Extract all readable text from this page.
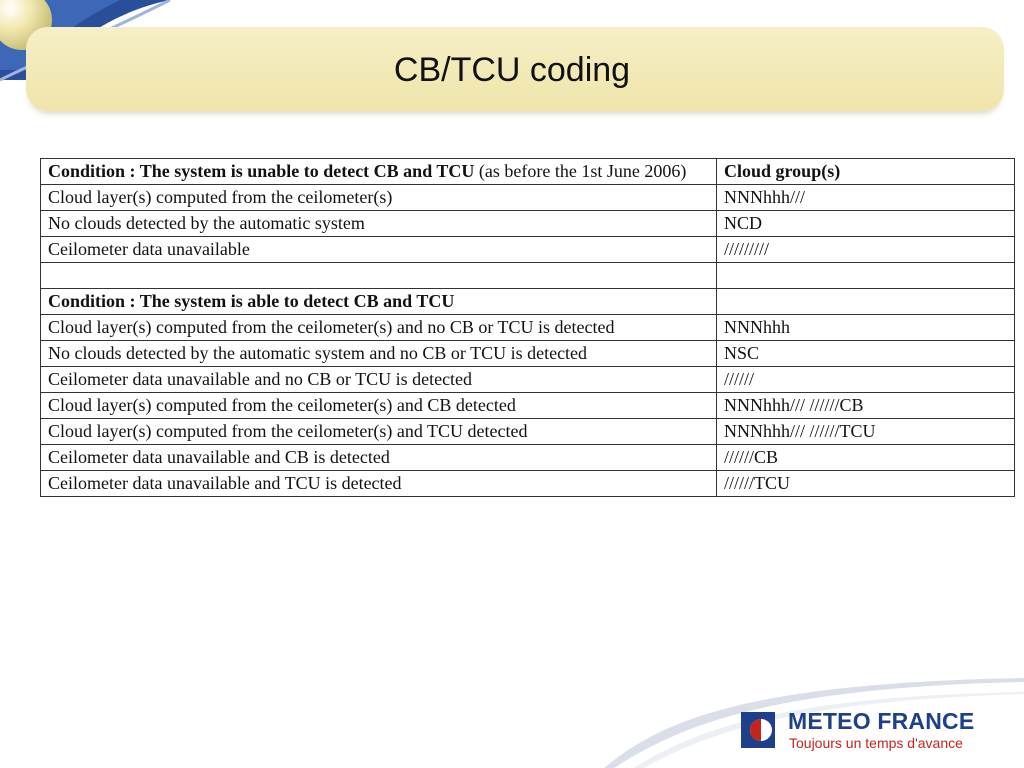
CB/TCU coding
Condition : The system is unable to detect CB and TCU (as before the 1st June 2006)	Cloud group(s)
Cloud layer(s) computed from the ceilometer(s)	NNNhhh///
No clouds detected by the automatic system	NCD
Ceilometer data unavailable	/////////

Condition : The system is able to detect CB and TCU	
Cloud layer(s) computed from the ceilometer(s) and no CB or TCU is detected	NNNhhh
No clouds detected by the automatic system and no CB or TCU is detected	NSC
Ceilometer data unavailable and no CB or TCU is detected	//////
Cloud layer(s) computed from the ceilometer(s) and CB detected	NNNhhh/// //////CB
Cloud layer(s) computed from the ceilometer(s) and TCU detected	NNNhhh/// //////TCU
Ceilometer data unavailable and CB is detected	//////CB
Ceilometer data unavailable and TCU is detected	//////TCU
METEO FRANCE
Toujours un temps d'avance
